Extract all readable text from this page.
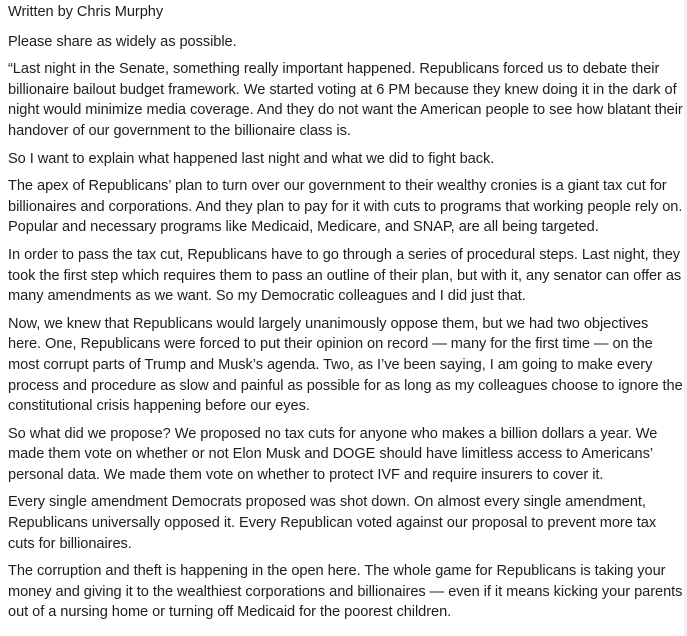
Written by Chris Murphy
Please share as widely as possible.
“Last night in the Senate, something really important happened. Republicans forced us to debate their billionaire bailout budget framework. We started voting at 6 PM because they knew doing it in the dark of night would minimize media coverage. And they do not want the American people to see how blatant their handover of our government to the billionaire class is.
So I want to explain what happened last night and what we did to fight back.
The apex of Republicans’ plan to turn over our government to their wealthy cronies is a giant tax cut for billionaires and corporations. And they plan to pay for it with cuts to programs that working people rely on. Popular and necessary programs like Medicaid, Medicare, and SNAP, are all being targeted.
In order to pass the tax cut, Republicans have to go through a series of procedural steps. Last night, they took the first step which requires them to pass an outline of their plan, but with it, any senator can offer as many amendments as we want. So my Democratic colleagues and I did just that.
Now, we knew that Republicans would largely unanimously oppose them, but we had two objectives here. One, Republicans were forced to put their opinion on record — many for the first time — on the most corrupt parts of Trump and Musk’s agenda. Two, as I’ve been saying, I am going to make every process and procedure as slow and painful as possible for as long as my colleagues choose to ignore the constitutional crisis happening before our eyes.
So what did we propose? We proposed no tax cuts for anyone who makes a billion dollars a year. We made them vote on whether or not Elon Musk and DOGE should have limitless access to Americans’ personal data. We made them vote on whether to protect IVF and require insurers to cover it.
Every single amendment Democrats proposed was shot down. On almost every single amendment, Republicans universally opposed it. Every Republican voted against our proposal to prevent more tax cuts for billionaires.
The corruption and theft is happening in the open here. The whole game for Republicans is taking your money and giving it to the wealthiest corporations and billionaires — even if it means kicking your parents out of a nursing home or turning off Medicaid for the poorest children.
